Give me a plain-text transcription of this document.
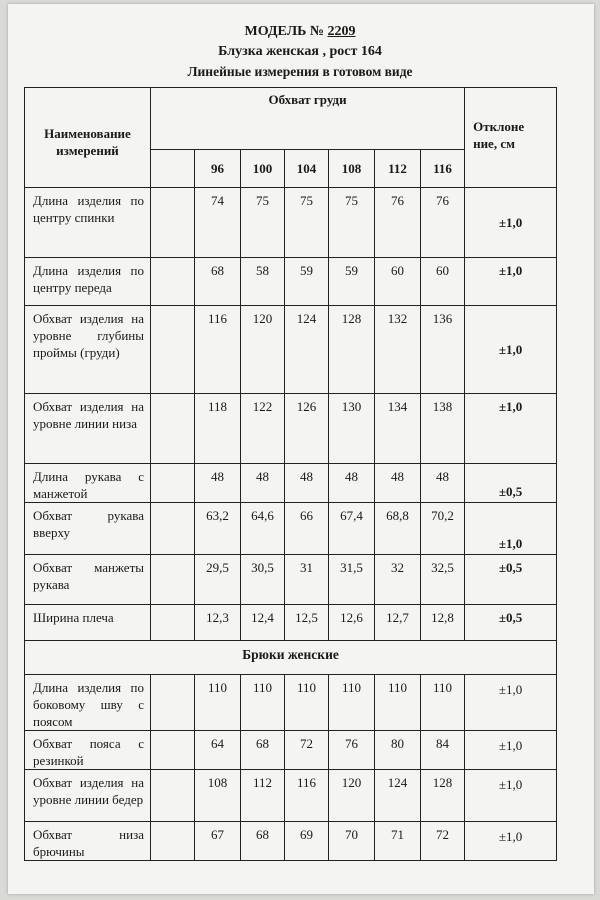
МОДЕЛЬ № 2209
Блузка женская , рост 164
Линейные измерения в готовом виде
Наименование измерений	Обхват груди							Отклоне ние, см
		96	100	104	108	112	116	
Длина изделия по центру спинки		74	75	75	75	76	76	±1,0
Длина изделия по центру переда		68	58	59	59	60	60	±1,0
Обхват изделия на уровне глубины проймы (груди)		116	120	124	128	132	136	±1,0
Обхват изделия на уровне линии низа		118	122	126	130	134	138	±1,0
Длина рукава с манжетой		48	48	48	48	48	48	±0,5
Обхват рукава вверху		63,2	64,6	66	67,4	68,8	70,2	±1,0
Обхват манжеты рукава		29,5	30,5	31	31,5	32	32,5	±0,5
Ширина плеча		12,3	12,4	12,5	12,6	12,7	12,8	±0,5
Брюки женские								
Длина изделия по боковому шву с поясом		110	110	110	110	110	110	±1,0
Обхват пояса с резинкой		64	68	72	76	80	84	±1,0
Обхват изделия на уровне линии бедер		108	112	116	120	124	128	±1,0
Обхват низа брючины		67	68	69	70	71	72	±1,0
